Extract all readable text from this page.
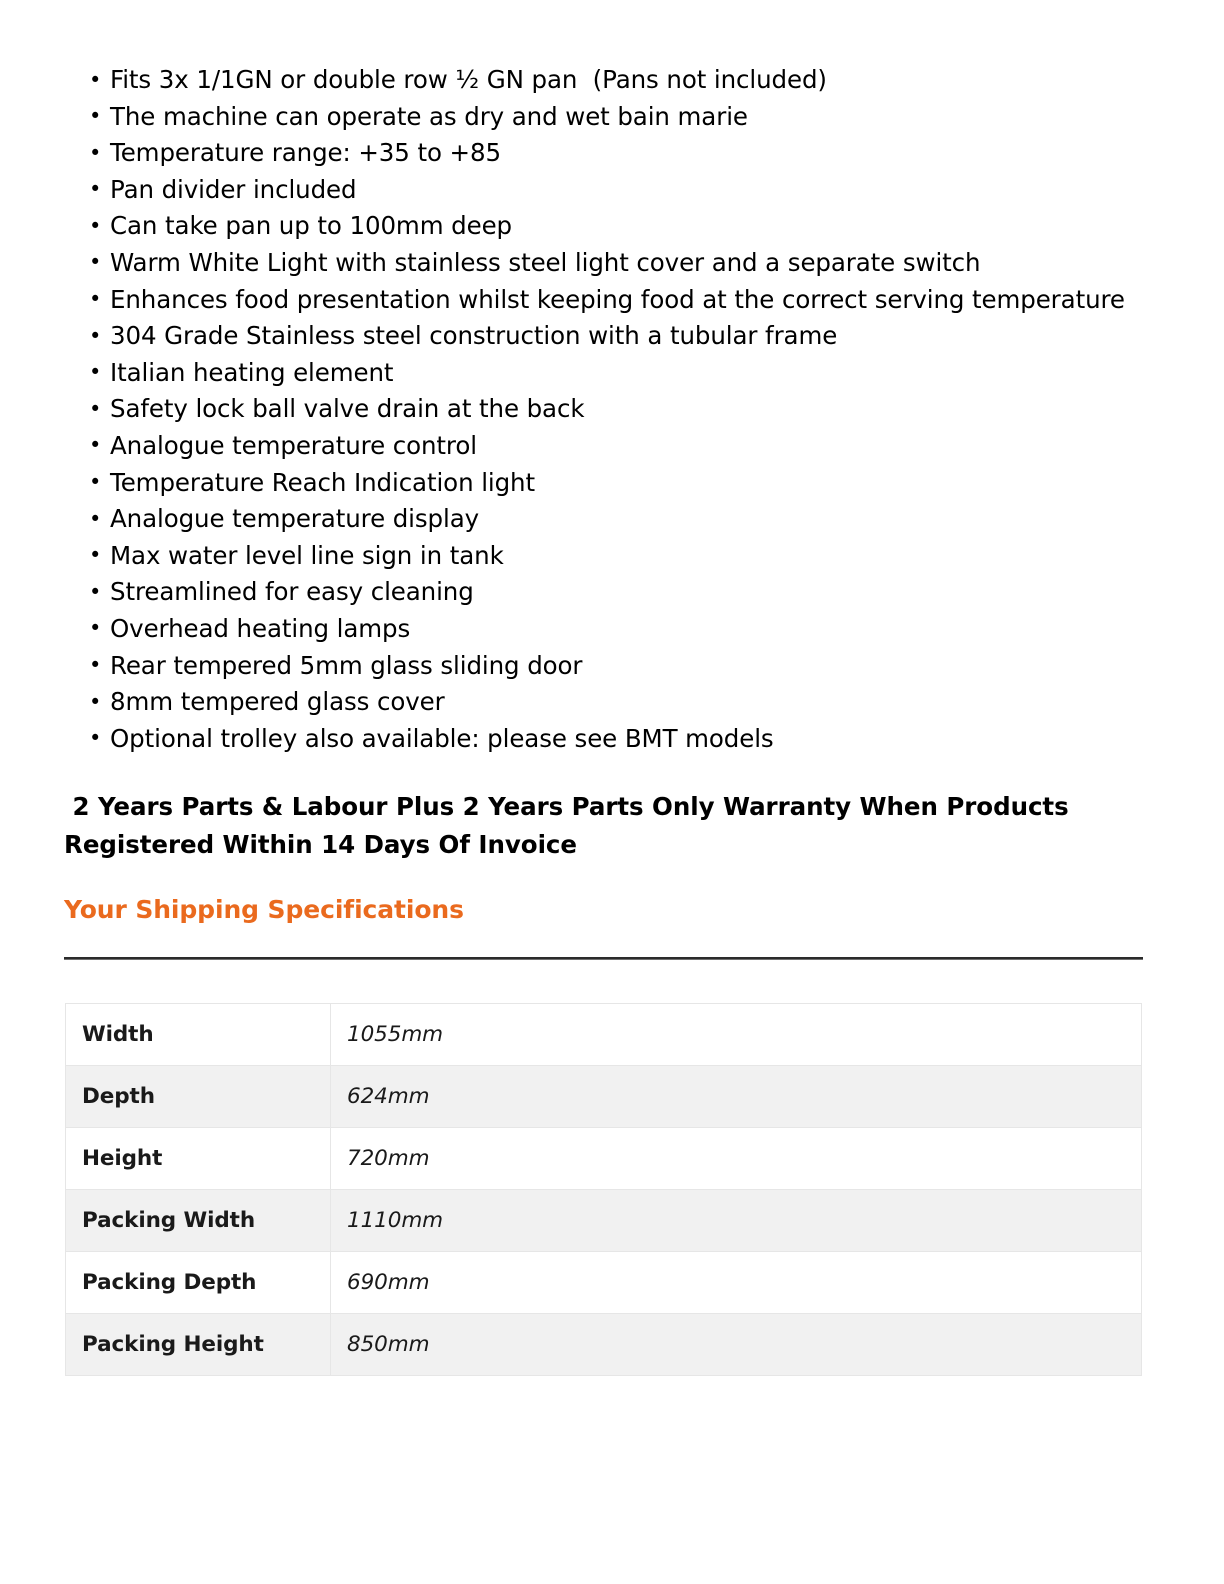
• Fits 3x 1/1GN or double row ½ GN pan  (Pans not included)
• The machine can operate as dry and wet bain marie
• Temperature range: +35 to +85
• Pan divider included
• Can take pan up to 100mm deep
• Warm White Light with stainless steel light cover and a separate switch
• Enhances food presentation whilst keeping food at the correct serving temperature
• 304 Grade Stainless steel construction with a tubular frame
• Italian heating element
• Safety lock ball valve drain at the back
• Analogue temperature control
• Temperature Reach Indication light
• Analogue temperature display
• Max water level line sign in tank
• Streamlined for easy cleaning
• Overhead heating lamps
• Rear tempered 5mm glass sliding door
• 8mm tempered glass cover
• Optional trolley also available: please see BMT models

2 Years Parts & Labour Plus 2 Years Parts Only Warranty When Products Registered Within 14 Days Of Invoice

Your Shipping Specifications
Width	1055mm
Depth	624mm
Height	720mm
Packing Width	1110mm
Packing Depth	690mm
Packing Height	850mm
